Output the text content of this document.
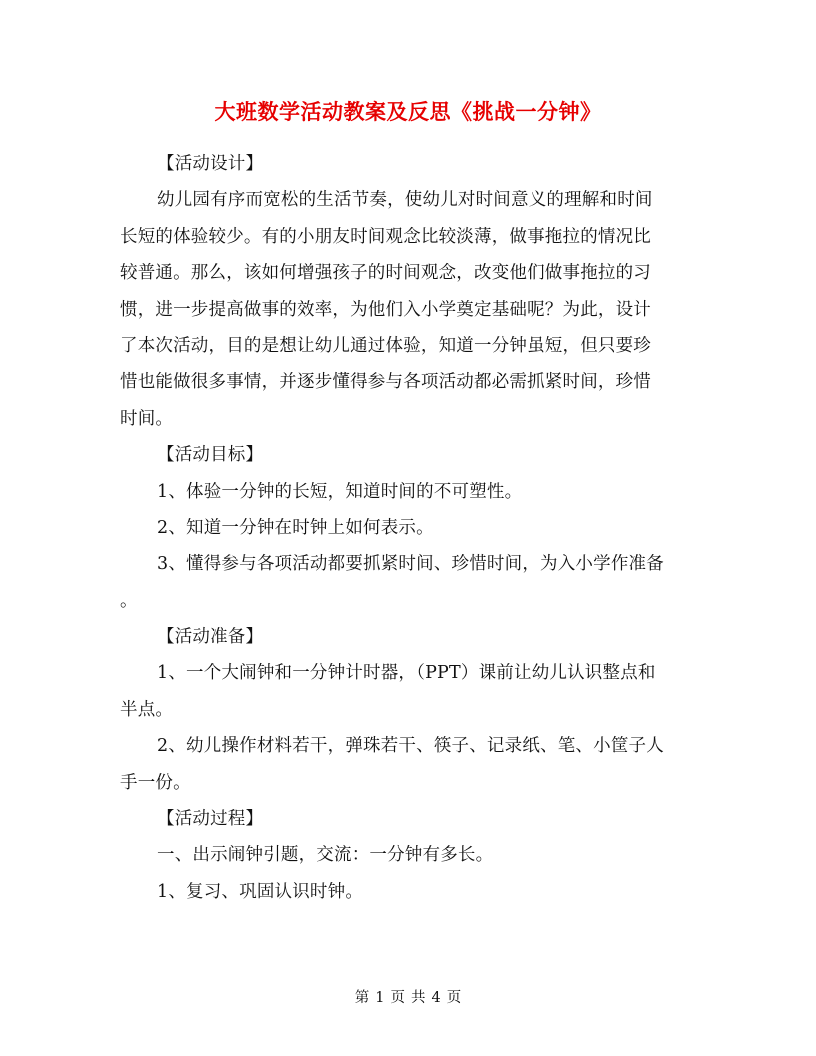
大班数学活动教案及反思《挑战一分钟》
【活动设计】
幼儿园有序而宽松的生活节奏，使幼儿对时间意义的理解和时间
长短的体验较少。有的小朋友时间观念比较淡薄，做事拖拉的情况比
较普通。那么，该如何增强孩子的时间观念，改变他们做事拖拉的习
惯，进一步提高做事的效率，为他们入小学奠定基础呢？为此，设计
了本次活动，目的是想让幼儿通过体验，知道一分钟虽短，但只要珍
惜也能做很多事情，并逐步懂得参与各项活动都必需抓紧时间，珍惜
时间。
【活动目标】
1、体验一分钟的长短，知道时间的不可塑性。
2、知道一分钟在时钟上如何表示。
3、懂得参与各项活动都要抓紧时间、珍惜时间，为入小学作准备
。
【活动准备】
1、一个大闹钟和一分钟计时器，（PPT）课前让幼儿认识整点和
半点。
2、幼儿操作材料若干，弹珠若干、筷子、记录纸、笔、小筐子人
手一份。
【活动过程】
一、出示闹钟引题，交流：一分钟有多长。
1、复习、巩固认识时钟。
第 1 页 共 4 页
